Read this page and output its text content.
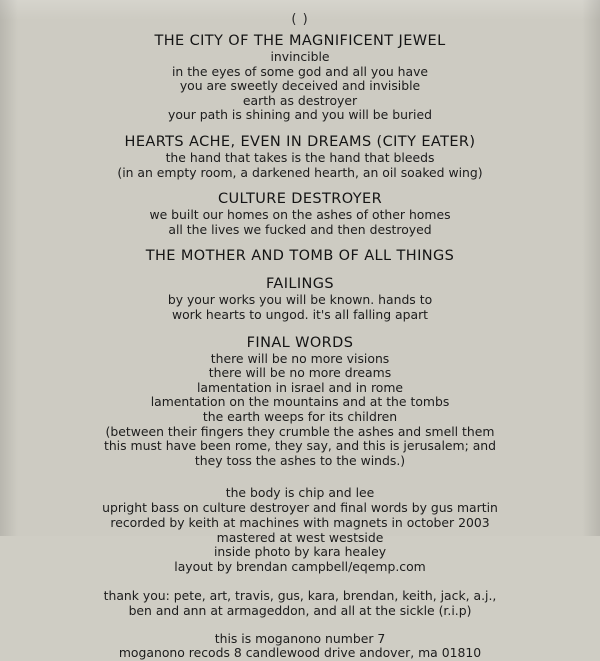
( )
THE CITY OF THE MAGNIFICENT JEWEL
invincible
in the eyes of some god and all you have
you are sweetly deceived and invisible
earth as destroyer
your path is shining and you will be buried
HEARTS ACHE, EVEN IN DREAMS (CITY EATER)
the hand that takes is the hand that bleeds
(in an empty room, a darkened hearth, an oil soaked wing)
CULTURE DESTROYER
we built our homes on the ashes of other homes
all the lives we fucked and then destroyed
THE MOTHER AND TOMB OF ALL THINGS
FAILINGS
by your works you will be known. hands to
work hearts to ungod. it's all falling apart
FINAL WORDS
there will be no more visions
there will be no more dreams
lamentation in israel and in rome
lamentation on the mountains and at the tombs
the earth weeps for its children
(between their fingers they crumble the ashes and smell them
this must have been rome, they say, and this is jerusalem; and
they toss the ashes to the winds.)
the body is chip and lee
upright bass on culture destroyer and final words by gus martin
recorded by keith at machines with magnets in october 2003
mastered at west westside
inside photo by kara healey
layout by brendan campbell/eqemp.com
thank you: pete, art, travis, gus, kara, brendan, keith, jack, a.j.,
ben and ann at armageddon, and all at the sickle (r.i.p)
this is moganono number 7
moganono recods 8 candlewood drive andover, ma 01810
